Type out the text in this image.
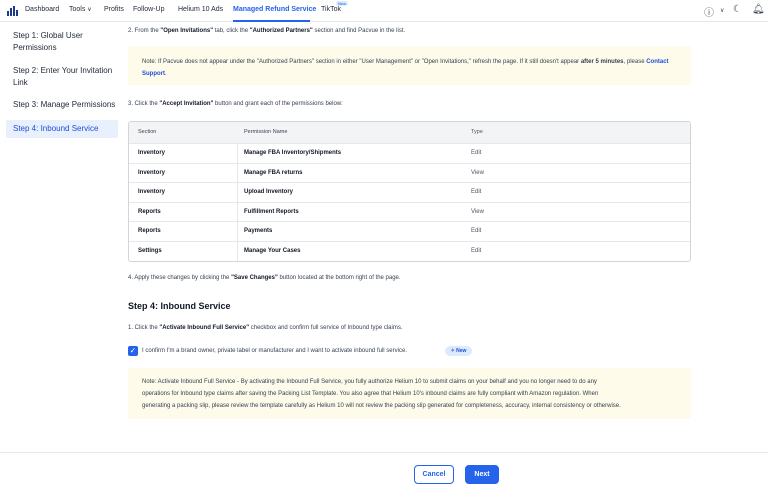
Dashboard Tools ∨ Profits Follow-Up Helium 10 Ads Managed Refund Service TikTok
New
ⓘ ∨ ☾ 🔔︎
Step 1: Global User Permissions
Step 2: Enter Your Invitation Link
Step 3: Manage Permissions
Step 4: Inbound Service
2. From the "Open Invitations" tab, click the "Authorized Partners" section and find Pacvue in the list.
Note: If Pacvue does not appear under the "Authorized Partners" section in either "User Management" or "Open Invitations," refresh the page. If it still doesn't appear after 5 minutes, please Contact Support.
3. Click the "Accept Invitation" button and grant each of the permissions below:
Section	Permission Name	Type
Inventory	Manage FBA Inventory/Shipments	Edit
Inventory	Manage FBA returns	View
Inventory	Upload Inventory	Edit
Reports	Fulfillment Reports	View
Reports	Payments	Edit
Settings	Manage Your Cases	Edit
4. Apply these changes by clicking the "Save Changes" button located at the bottom right of the page.
Step 4: Inbound Service
1. Click the "Activate Inbound Full Service" checkbox and confirm full service of Inbound type claims.
✓ I confirm I'm a brand owner, private label or manufacturer and I want to activate inbound full service.	✧ New
Note: Activate Inbound Full Service - By activating the Inbound Full Service, you fully authorize Helium 10 to submit claims on your behalf and you no longer need to do any
operations for Inbound type claims after saving the Packing List Template. You also agree that Helium 10's inbound claims are fully compliant with Amazon regulation. When
generating a packing slip, please review the template carefully as Helium 10 will not review the packing slip generated for completeness, accuracy, internal consistency or otherwise.
Cancel	Next
